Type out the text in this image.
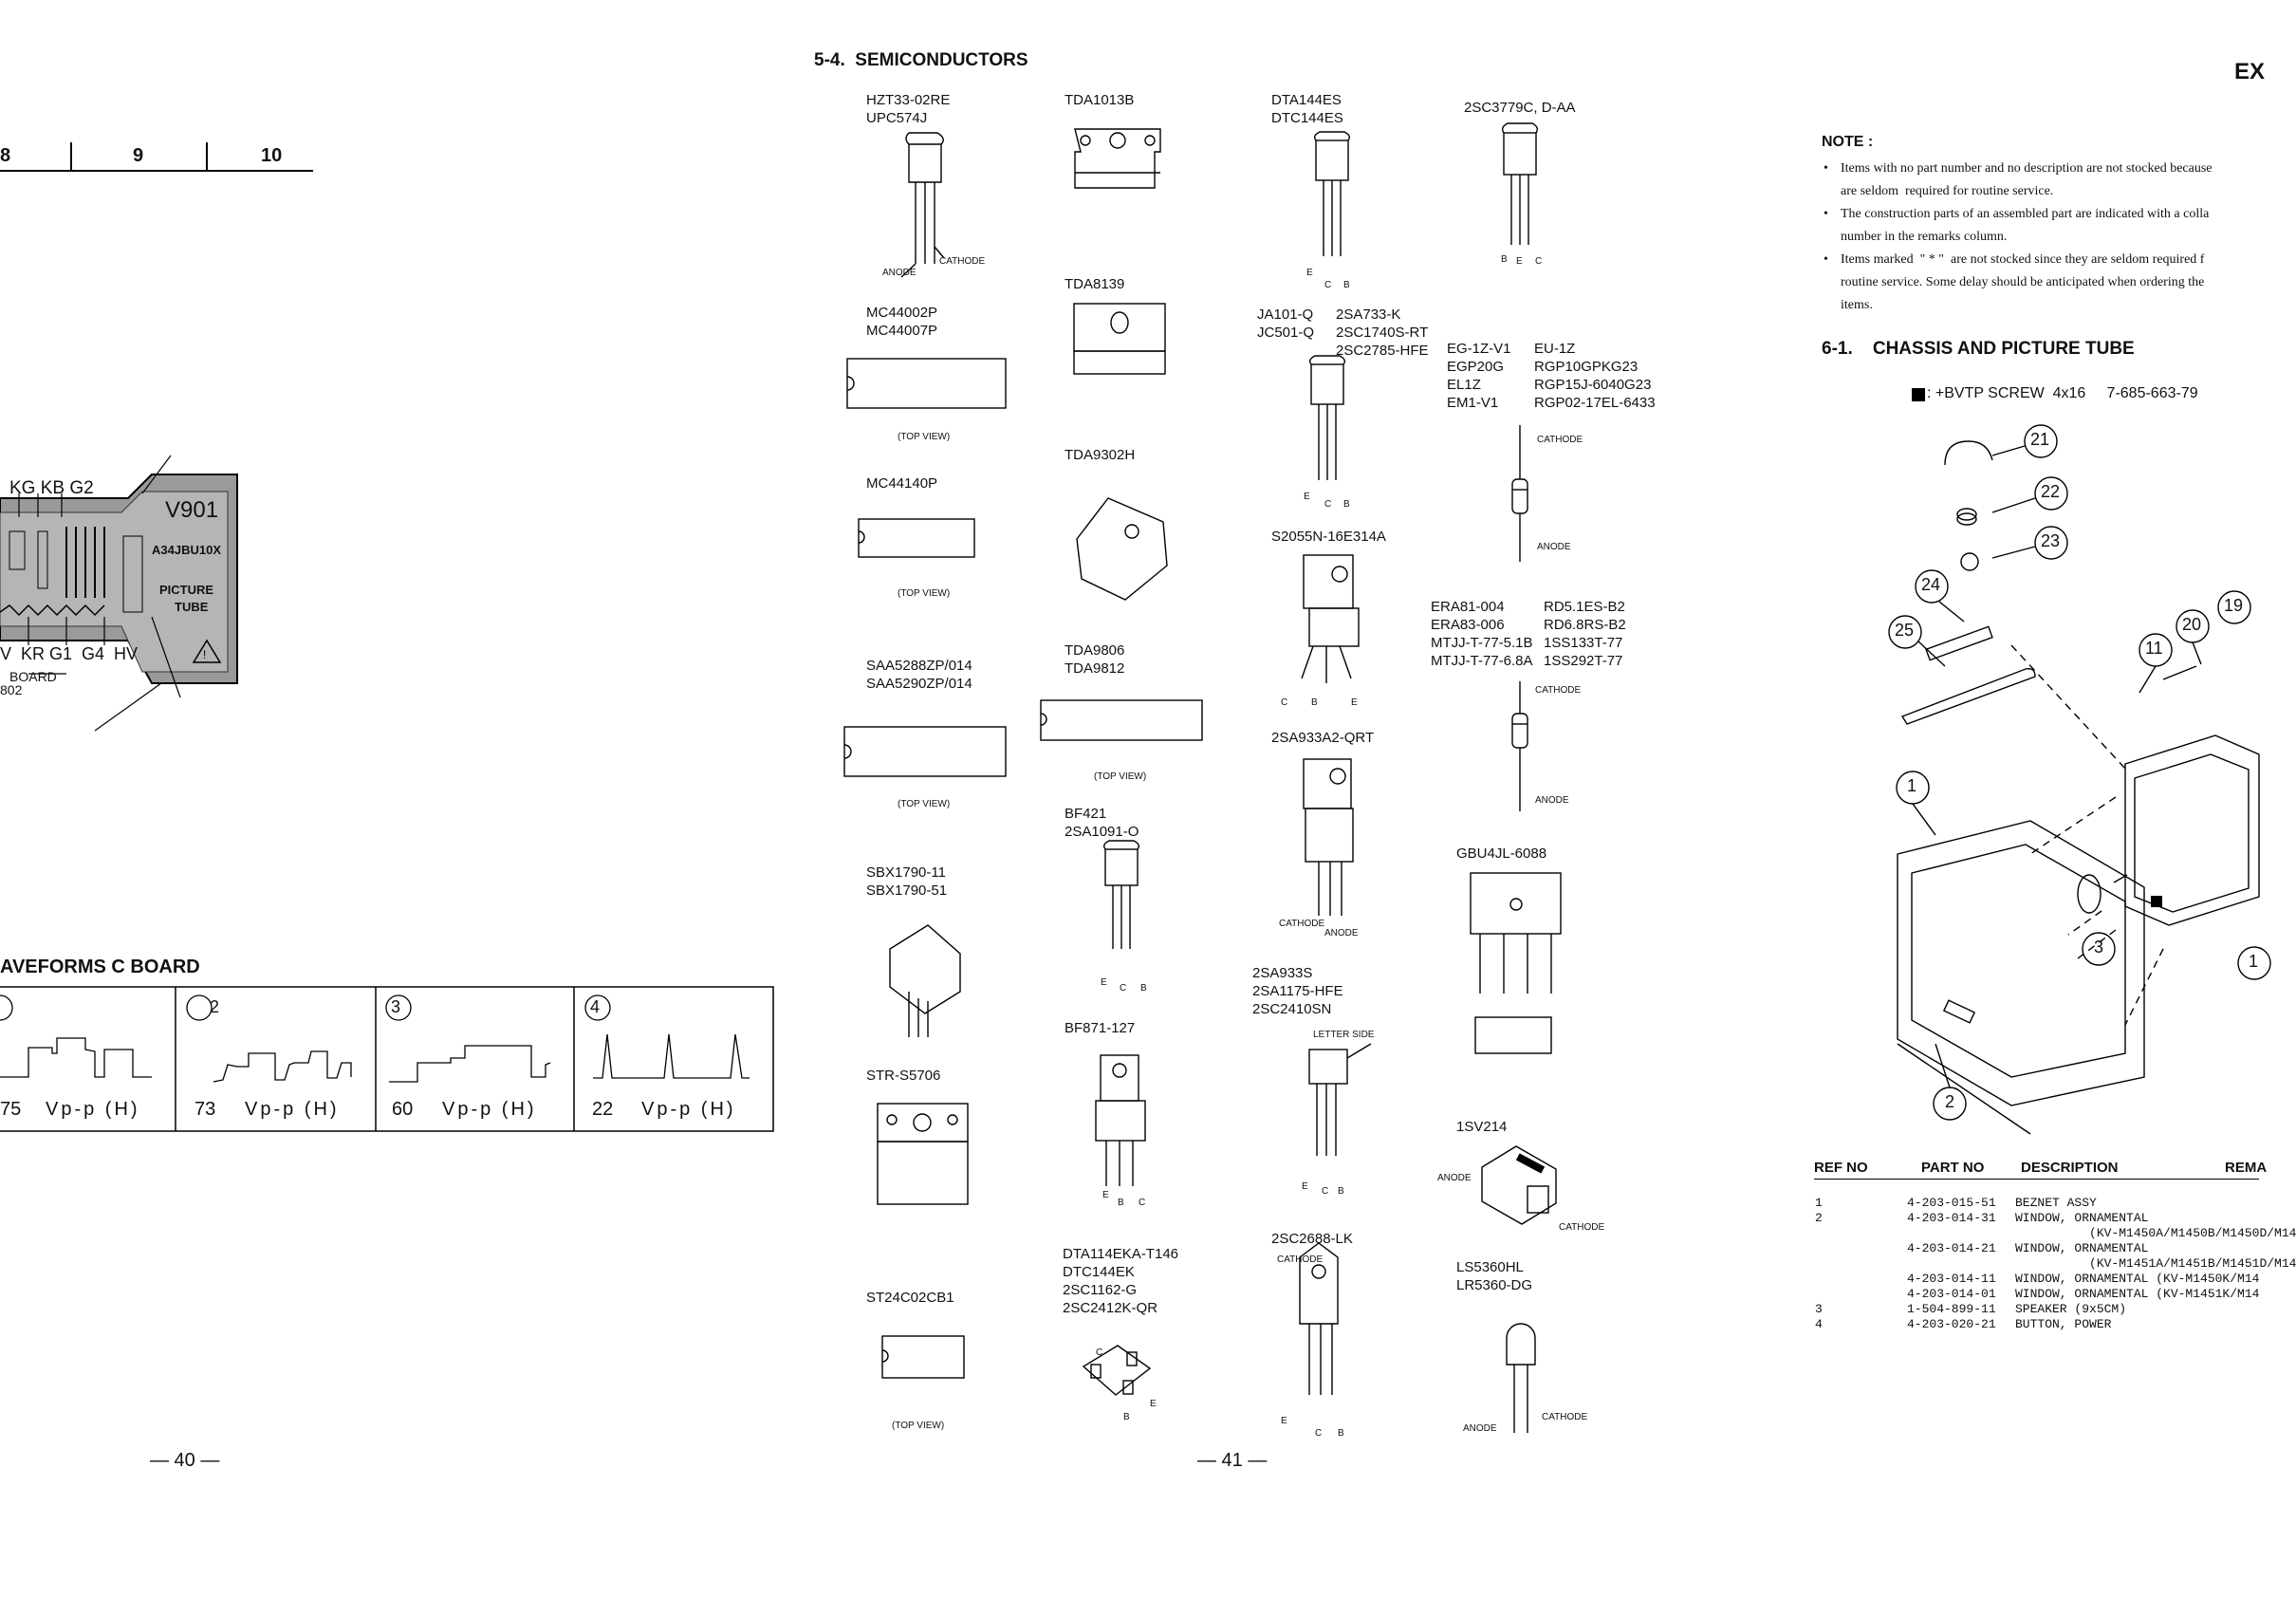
8	9	10
!
KG KB G2
V901
A34JBU10X
PICTURE
TUBE
V  KR G1  G4  HV
BOARD
802
AVEFORMS C BOARD
2	3	4
75 Vp-p (H)	73 Vp-p (H)	60 Vp-p (H)	22 Vp-p (H)
— 40 —
5-4.  SEMICONDUCTORS
HZT33-02RE
UPC574J
MC44002P
MC44007P
MC44140P
SAA5288ZP/014
SAA5290ZP/014
SBX1790-11
SBX1790-51
STR-S5706
ST24C02CB1
TDA1013B
TDA8139
TDA9302H
TDA9806
TDA9812
BF421
2SA1091-O
BF871-127
DTA114EKA-T146
DTC144EK
2SC1162-G
2SC2412K-QR
DTA144ES
DTC144ES
JA101-Q
JC501-Q
2SA733-K
2SC1740S-RT
2SC2785-HFE
S2055N-16E314A
2SA933A2-QRT
2SA933S
2SA1175-HFE
2SC2410SN
2SC2688-LK
2SC3779C, D-AA
EG-1Z-V1
EGP20G
EL1Z
EM1-V1
EU-1Z
RGP10GPKG23
RGP15J-6040G23
RGP02-17EL-6433
ERA81-004
ERA83-006
MTJJ-T-77-5.1B
MTJJ-T-77-6.8A
RD5.1ES-B2
RD6.8RS-B2
1SS133T-77
1SS292T-77
GBU4JL-6088
1SV214
LS5360HL
LR5360-DG
ANODE
CATHODE
(TOP VIEW)
(TOP VIEW)
(TOP VIEW)
(TOP VIEW)
(TOP VIEW)
LETTER SIDE
CATHODE
ANODE
CATHODE
ANODE
ANODE
CATHODE
ANODE
CATHODE
CATHODE
ANODE
CATHODE
E
C B
B E C
E
C B
C B	E
E
C B
E
B C
C
B
E
E C B
E
C B
— 41 —
EX
NOTE :
• Items with no part number and no description are not stocked because
are seldom  required for routine service.
• The construction parts of an assembled part are indicated with a colla
number in the remarks column.
• Items marked  " * "  are not stocked since they are seldom required f
routine service. Some delay should be anticipated when ordering the
items.
6-1.    CHASSIS AND PICTURE TUBE
: +BVTP SCREW  4x16     7-685-663-79
21
22
23
24
25	20
19
11
1
3
2
1
REF NO	PART NO	DESCRIPTION	REMA
1	4-203-015-51 BEZNET ASSY
2	4-203-014-31 WINDOW, ORNAMENTAL
(KV-M1450A/M1450B/M1450D/M14
4-203-014-21 WINDOW, ORNAMENTAL
(KV-M1451A/M1451B/M1451D/M14
4-203-014-11 WINDOW, ORNAMENTAL (KV-M1450K/M14
4-203-014-01 WINDOW, ORNAMENTAL (KV-M1451K/M14
3	1-504-899-11 SPEAKER (9x5CM)
4	4-203-020-21 BUTTON, POWER
